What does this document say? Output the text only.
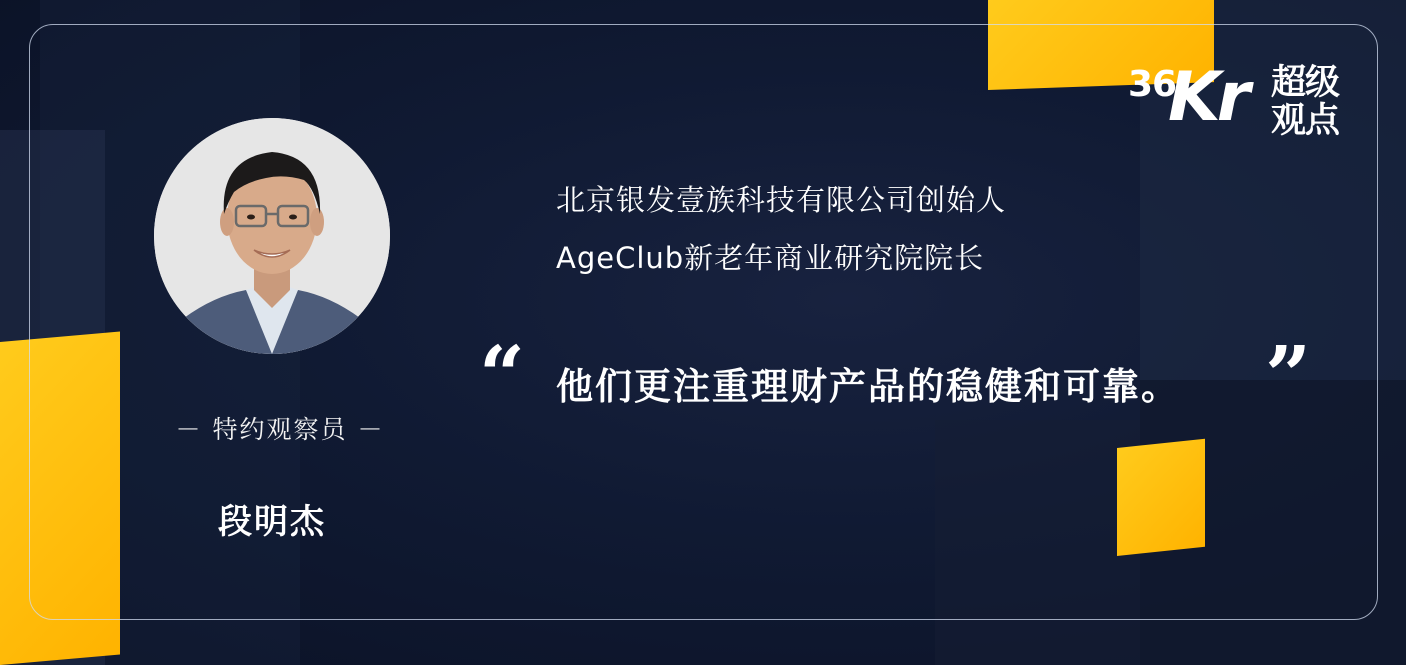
36
Kr 超级
观点
－ 特约观察员 －
段明杰
北京银发壹族科技有限公司创始人
AgeClub新老年商业研究院院长
“ 他们更注重理财产品的稳健和可靠。 ”
